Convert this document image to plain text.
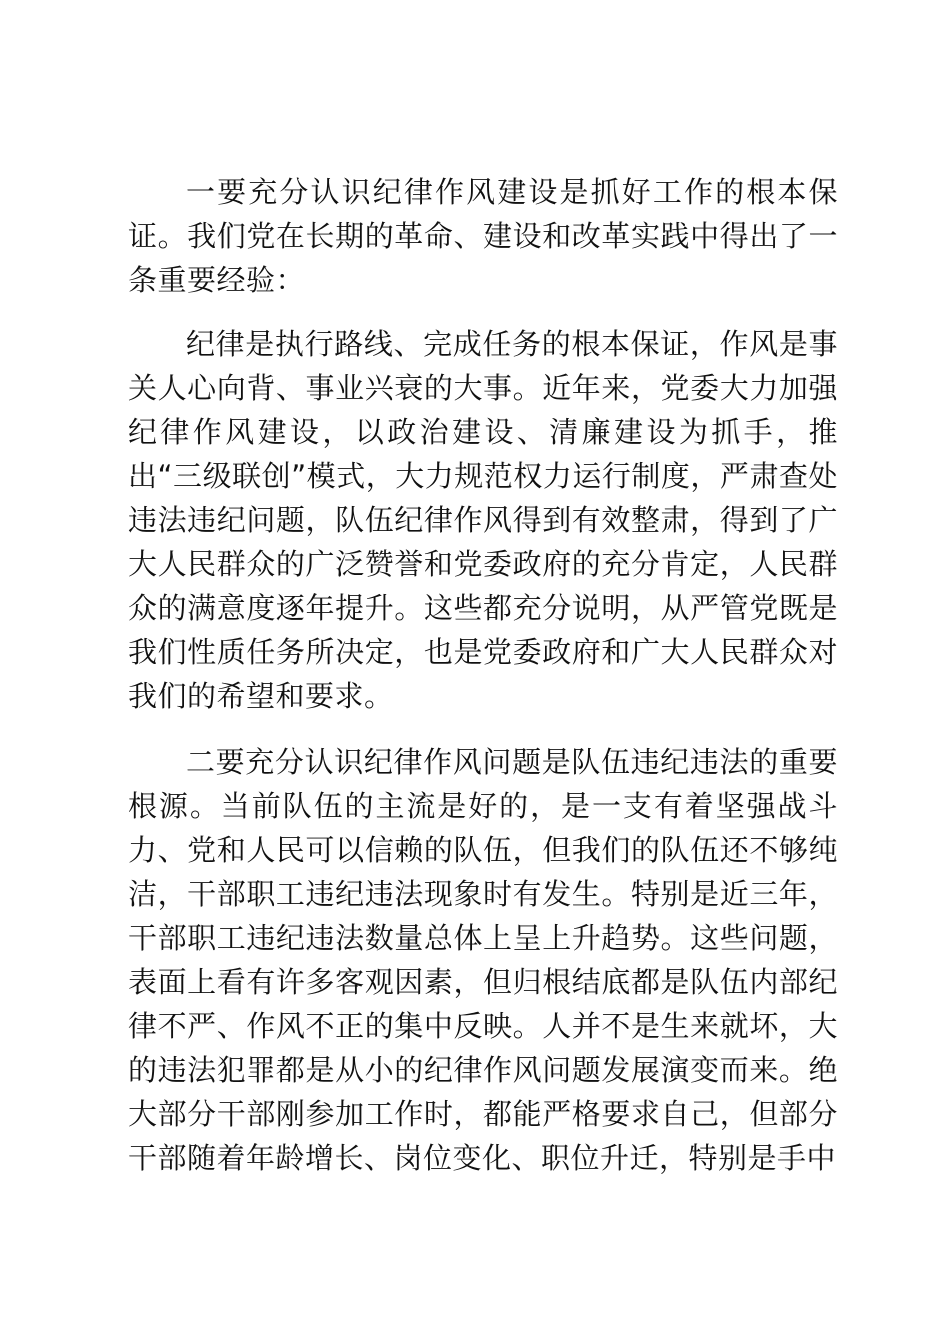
一要充分认识纪律作风建设是抓好工作的根本保证。我们党在长期的革命、建设和改革实践中得出了一条重要经验：

纪律是执行路线、完成任务的根本保证，作风是事关人心向背、事业兴衰的大事。近年来，党委大力加强纪律作风建设，以政治建设、清廉建设为抓手，推出“三级联创”模式，大力规范权力运行制度，严肃查处违法违纪问题，队伍纪律作风得到有效整肃，得到了广大人民群众的广泛赞誉和党委政府的充分肯定，人民群众的满意度逐年提升。这些都充分说明，从严管党既是我们性质任务所决定，也是党委政府和广大人民群众对我们的希望和要求。

二要充分认识纪律作风问题是队伍违纪违法的重要根源。当前队伍的主流是好的，是一支有着坚强战斗力、党和人民可以信赖的队伍，但我们的队伍还不够纯洁，干部职工违纪违法现象时有发生。特别是近三年，干部职工违纪违法数量总体上呈上升趋势。这些问题，表面上看有许多客观因素，但归根结底都是队伍内部纪律不严、作风不正的集中反映。人并不是生来就坏，大的违法犯罪都是从小的纪律作风问题发展演变而来。绝大部分干部刚参加工作时，都能严格要求自己，但部分干部随着年龄增长、岗位变化、职位升迁，特别是手中
